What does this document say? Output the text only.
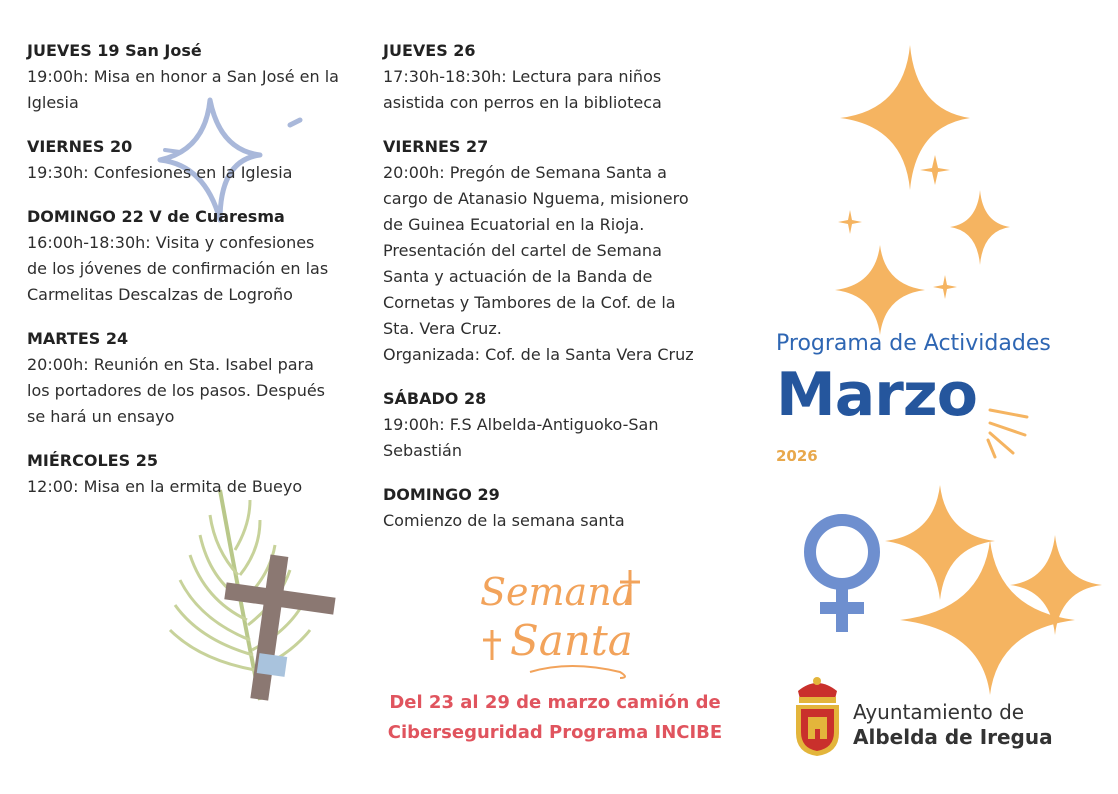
JUEVES 19 San José
19:00h: Misa en honor a San José en la
Iglesia
VIERNES 20
19:30h: Confesiones en la Iglesia
DOMINGO 22 V de Cuaresma
16:00h-18:30h: Visita y confesiones
de los jóvenes de confirmación en las
Carmelitas Descalzas de Logroño
MARTES 24
20:00h: Reunión en Sta. Isabel para
los portadores de los pasos. Después
se hará un ensayo
MIÉRCOLES 25
12:00: Misa en la ermita de Bueyo
JUEVES 26
17:30h-18:30h: Lectura para niños
asistida con perros en la biblioteca
VIERNES 27
20:00h: Pregón de Semana Santa a
cargo de Atanasio Nguema, misionero
de Guinea Ecuatorial en la Rioja.
Presentación del cartel de Semana
Santa y actuación de la Banda de
Cornetas y Tambores de la Cof. de la
Sta. Vera Cruz.
Organizada: Cof. de la Santa Vera Cruz
SÁBADO 28
19:00h: F.S Albelda-Antiguoko-San
Sebastián
DOMINGO 29
Comienzo de la semana santa
Semana
Santa
Del 23 al 29 de marzo camión de
Ciberseguridad Programa INCIBE
Programa de Actividades
Marzo
2026
Ayuntamiento de
Albelda de Iregua
